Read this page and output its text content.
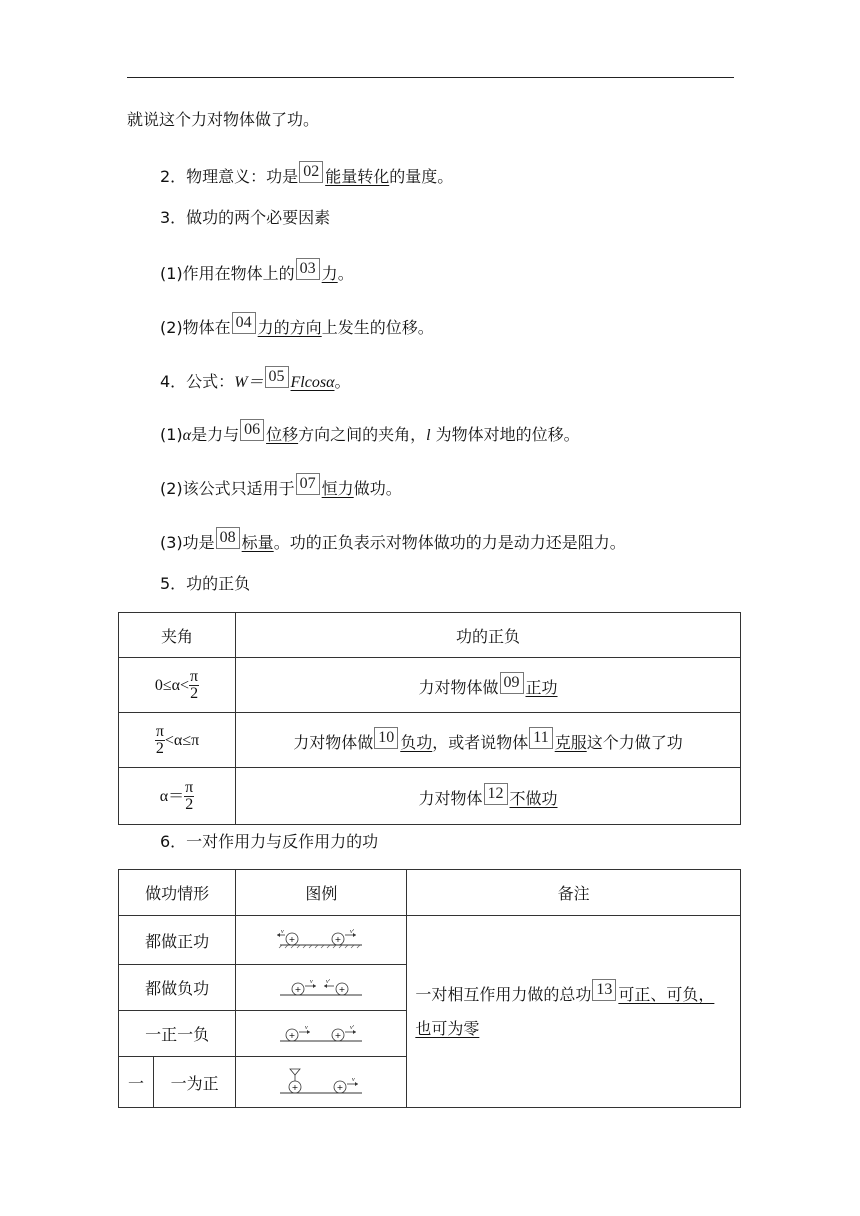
就说这个力对物体做了功。
2．物理意义：功是 02 能量转化的量度。
3．做功的两个必要因素
(1)作用在物体上的 03 力。
(2)物体在 04 力的方向上发生的位移。
4．公式：W＝ 05 Flcosα。
(1)α是力与 06 位移方向之间的夹角，l 为物体对地的位移。
(2)该公式只适用于 07 恒力做功。
(3)功是 08 标量。功的正负表示对物体做功的力是动力还是阻力。
5．功的正负
夹角	功的正负
$0\le\alpha< \frac{\pi}{2}$	力对物体做 09 正功

$\frac{\pi}{2} <\alpha\le\pi$	力对物体做 10 负功，或者说物体 11 克服这个力做了功
$\alpha= \frac{\pi}{2}$	力对物体 12 不做功
6．一对作用力与反作用力的功
做功情形		图例	备注
都做正功		+ +
v v′	一对相互作用力做的总功 13 可正、可负，
也可为零
都做负功		+ +
v v′	

一正一负		+ +
v v′	

一	一为正	+ +
v	
